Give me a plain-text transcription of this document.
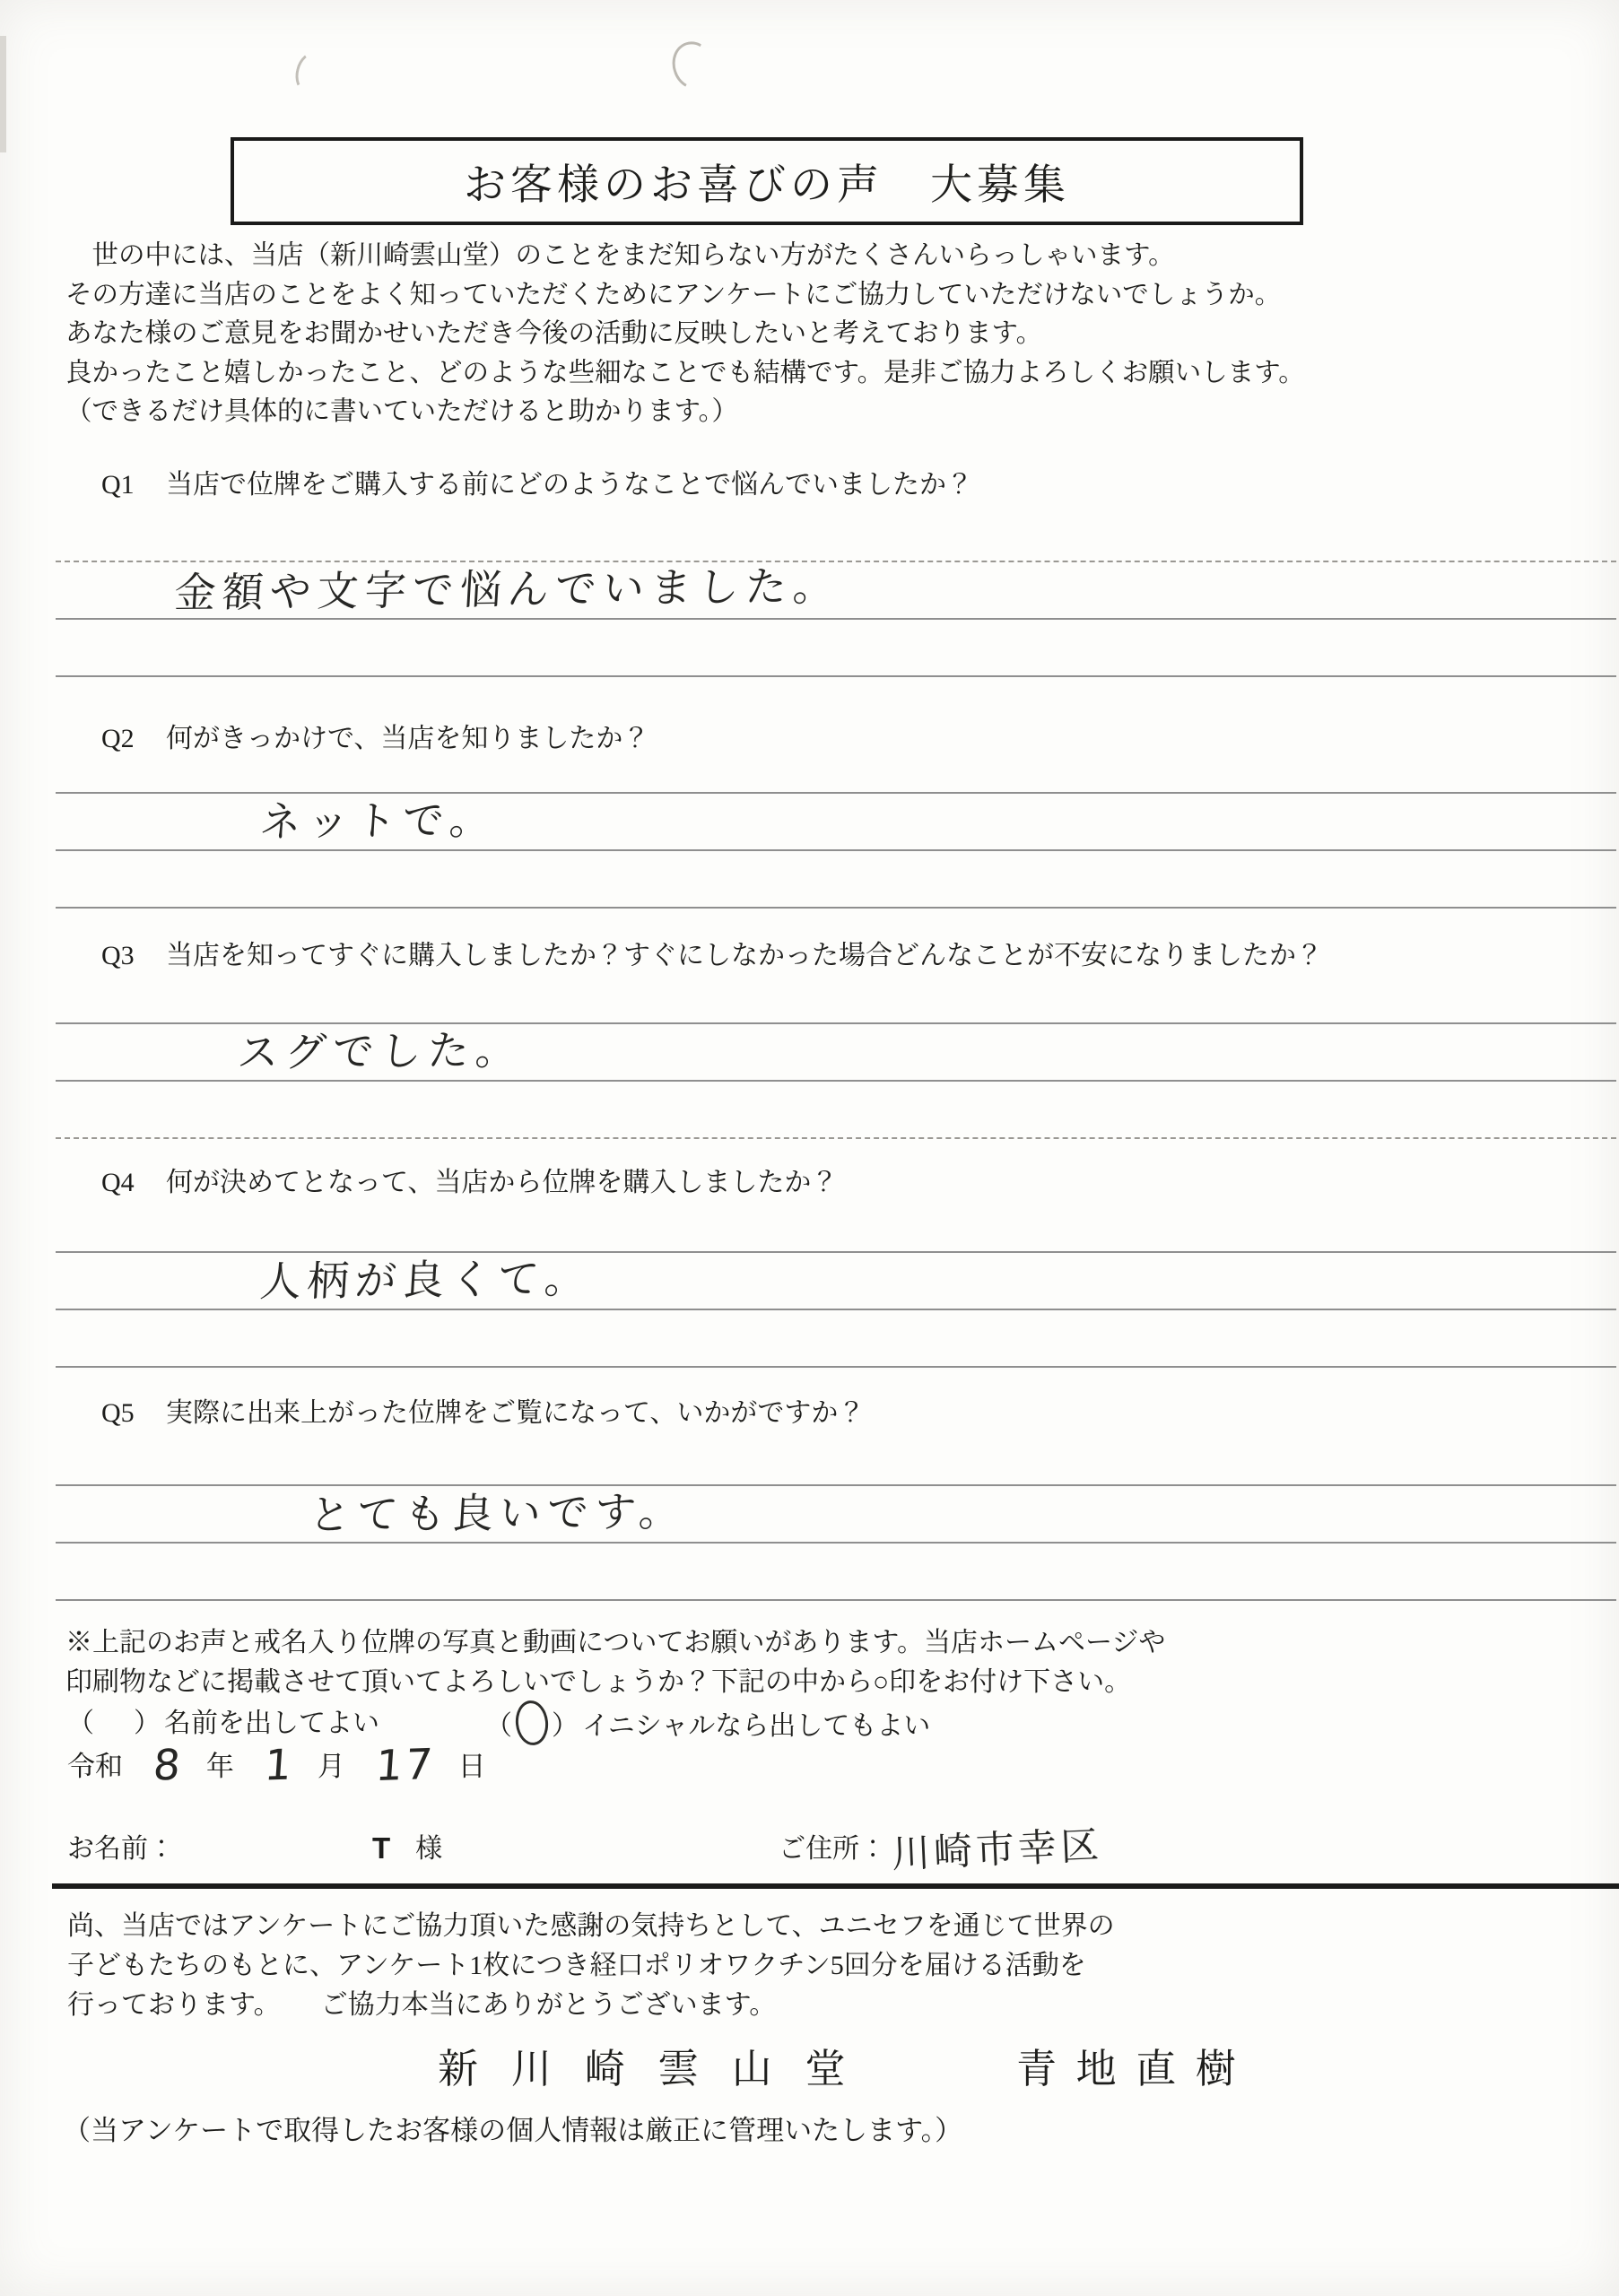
お客様のお喜びの声　大募集
　世の中には、当店（新川崎雲山堂）のことをまだ知らない方がたくさんいらっしゃいます。
その方達に当店のことをよく知っていただくためにアンケートにご協力していただけないでしょうか。
あなた様のご意見をお聞かせいただき今後の活動に反映したいと考えております。
良かったこと嬉しかったこと、どのような些細なことでも結構です。是非ご協力よろしくお願いします。
（できるだけ具体的に書いていただけると助かります。）
Q1 当店で位牌をご購入する前にどのようなことで悩んでいましたか？
金額や文字で悩んでいました。
Q2 何がきっかけで、当店を知りましたか？
ネットで。
Q3 当店を知ってすぐに購入しましたか？すぐにしなかった場合どんなことが不安になりましたか？
スグでした。
Q4 何が決めてとなって、当店から位牌を購入しましたか？
人柄が良くて。
Q5 実際に出来上がった位牌をご覧になって、いかがですか？
とても良いです。
※上記のお声と戒名入り位牌の写真と動画についてお願いがあります。当店ホームページや
印刷物などに掲載させて頂いてよろしいでしょうか？下記の中から○印をお付け下さい。
（　 ） 名前を出してよい	（ ） イニシャルなら出してもよい
令和 8 年 1 月 17 日
お名前：	T 様	ご住所： 川崎市幸区
尚、当店ではアンケートにご協力頂いた感謝の気持ちとして、ユニセフを通じて世界の
子どもたちのもとに、アンケート1枚につき経口ポリオワクチン5回分を届ける活動を
行っております。　　ご協力本当にありがとうございます。
新川崎雲山堂	青地直樹
（当アンケートで取得したお客様の個人情報は厳正に管理いたします。）
